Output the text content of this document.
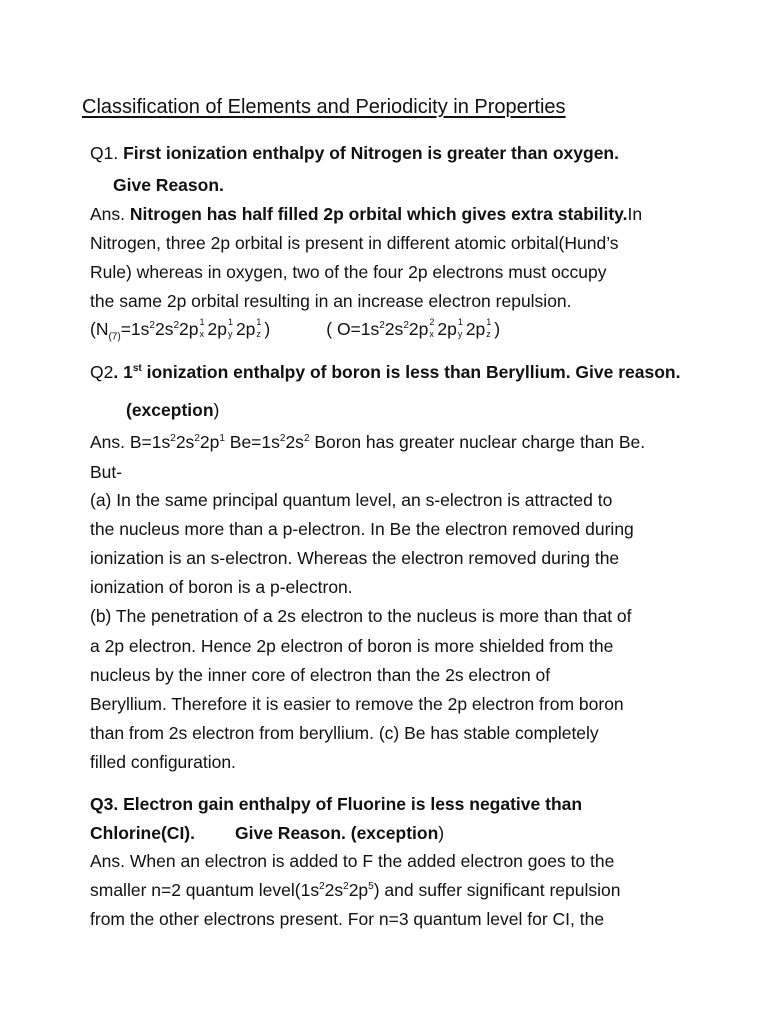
Classification of Elements and Periodicity in Properties
Q1. First ionization enthalpy of Nitrogen is greater than oxygen.
Give Reason.
Ans. Nitrogen has half filled 2p orbital which gives extra stability.In
Nitrogen, three 2p orbital is present in different atomic orbital(Hund’s
Rule) whereas in oxygen, two of the four 2p electrons must occupy
the same 2p orbital resulting in an increase electron repulsion.
($N_{(7)}=1s^22s^22p$ 1
x 2p 1
y 2p 1
z )	( $O=1s^22s^22p$ 2
x 2p 1
y 2p 1
z )
Q2. 1st ionization enthalpy of boron is less than Beryllium. Give reason.
(exception)
Ans. $B=1s^22s^22p^1$ $Be=1s^22s^2$ Boron has greater nuclear charge than Be.
But-
(a) In the same principal quantum level, an s-electron is attracted to
the nucleus more than a p-electron. In Be the electron removed during
ionization is an s-electron. Whereas the electron removed during the
ionization of boron is a p-electron.
(b) The penetration of a 2s electron to the nucleus is more than that of
a 2p electron. Hence 2p electron of boron is more shielded from the
nucleus by the inner core of electron than the 2s electron of
Beryllium. Therefore it is easier to remove the 2p electron from boron
than from 2s electron from beryllium. (c) Be has stable completely
filled configuration.
Q3. Electron gain enthalpy of Fluorine is less negative than
Chlorine(CI). Give Reason. (exception)
Ans. When an electron is added to F the added electron goes to the
smaller n=2 quantum $level(1s^22s^22p^5)$ and suffer significant repulsion
from the other electrons present. For n=3 quantum level for CI, the
